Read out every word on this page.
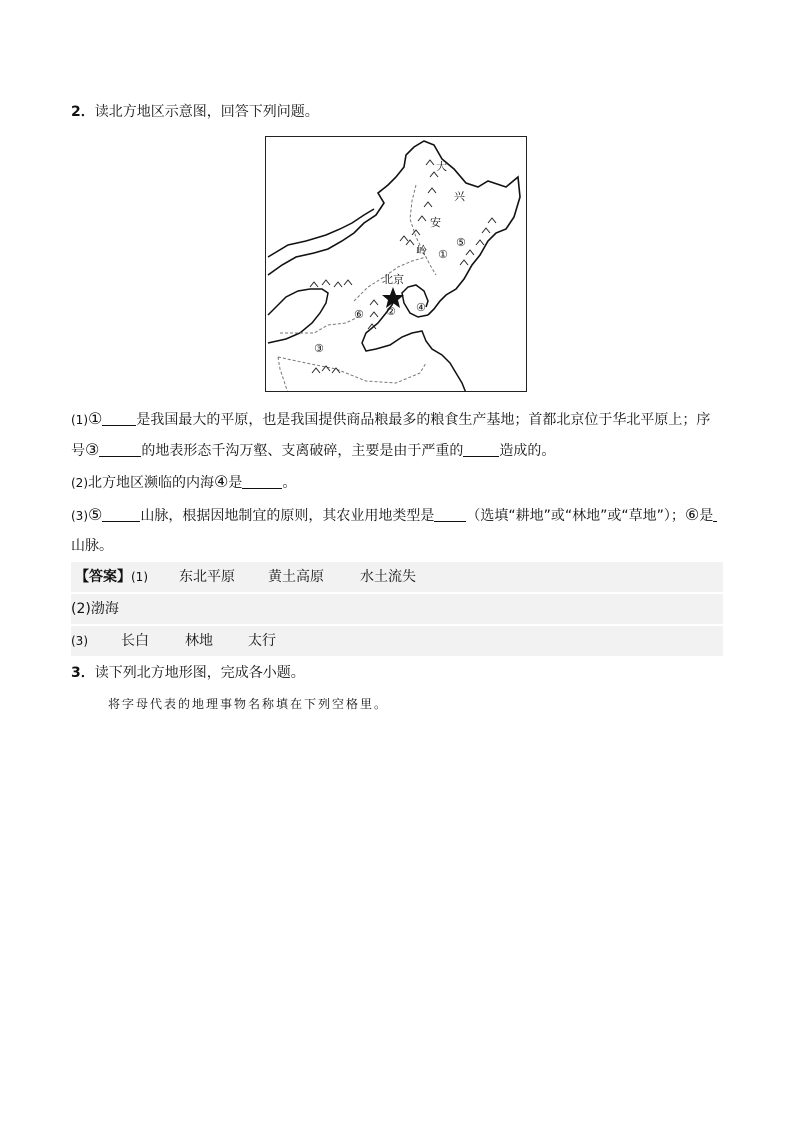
2．读北方地区示意图，回答下列问题。
大
兴
安
岭
北京
①
②
③
④
⑤
⑥
(1)① 是我国最大的平原，也是我国提供商品粮最多的粮食生产基地；首都北京位于华北平原上；序
号③	的地表形态千沟万壑、支离破碎，主要是由于严重的	造成的。
(2)北方地区濒临的内海④是	。
(3)⑤	山脉，根据因地制宜的原则，其农业用地类型是 （选填“耕地”或“林地”或“草地”）；⑥是
山脉。
【答案】 (1) 东北平原 黄土高原	水土流失
(2)渤海
(3) 长白	林地	太行
3．读下列北方地形图，完成各小题。
将字母代表的地理事物名称填在下列空格里。
